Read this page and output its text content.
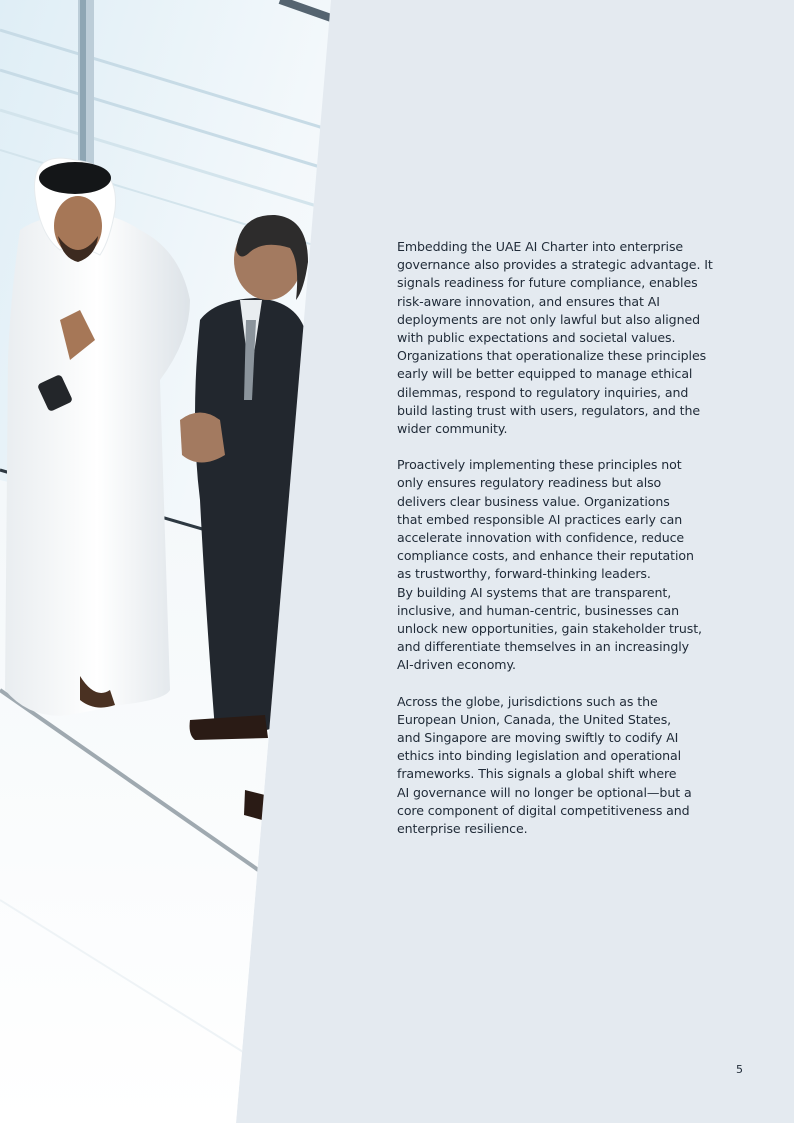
Embedding the UAE AI Charter into enterprise
governance also provides a strategic advantage. It
signals readiness for future compliance, enables
risk-aware innovation, and ensures that AI
deployments are not only lawful but also aligned
with public expectations and societal values.
Organizations that operationalize these principles
early will be better equipped to manage ethical
dilemmas, respond to regulatory inquiries, and
build lasting trust with users, regulators, and the
wider community.

Proactively implementing these principles not
only ensures regulatory readiness but also
delivers clear business value. Organizations
that embed responsible AI practices early can
accelerate innovation with confidence, reduce
compliance costs, and enhance their reputation
as trustworthy, forward-thinking leaders.
By building AI systems that are transparent,
inclusive, and human-centric, businesses can
unlock new opportunities, gain stakeholder trust,
and differentiate themselves in an increasingly
AI-driven economy.

Across the globe, jurisdictions such as the
European Union, Canada, the United States,
and Singapore are moving swiftly to codify AI
ethics into binding legislation and operational
frameworks. This signals a global shift where
AI governance will no longer be optional—but a
core component of digital competitiveness and
enterprise resilience.

5
